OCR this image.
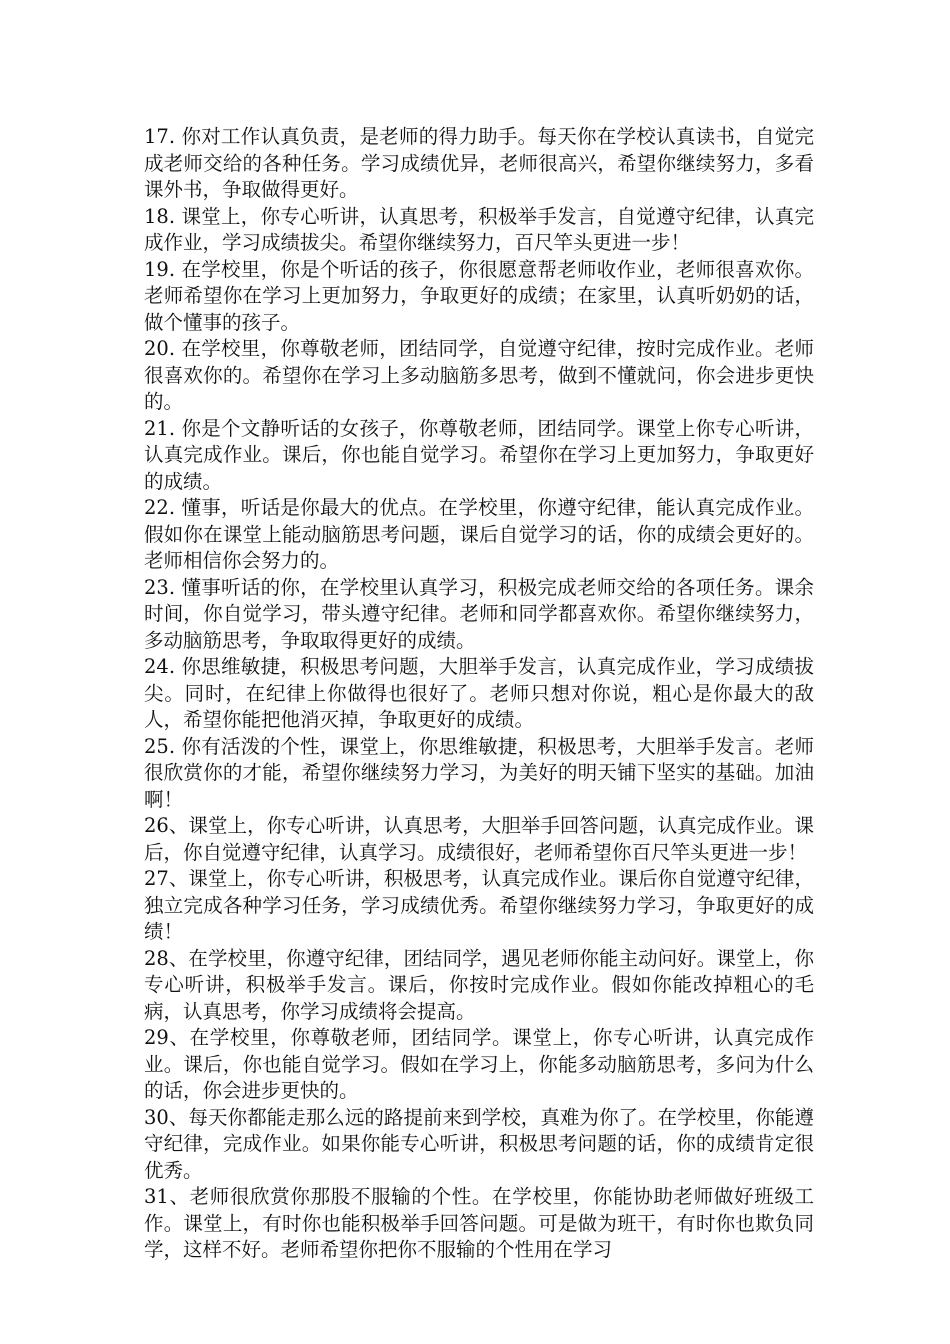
17. 你对工作认真负责，是老师的得力助手。每天你在学校认真读书，自觉完成老师交给的各种任务。学习成绩优异，老师很高兴，希望你继续努力，多看课外书，争取做得更好。

18. 课堂上，你专心听讲，认真思考，积极举手发言，自觉遵守纪律，认真完成作业，学习成绩拔尖。希望你继续努力，百尺竿头更进一步！

19. 在学校里，你是个听话的孩子，你很愿意帮老师收作业，老师很喜欢你。老师希望你在学习上更加努力，争取更好的成绩；在家里，认真听奶奶的话，做个懂事的孩子。

20. 在学校里，你尊敬老师，团结同学，自觉遵守纪律，按时完成作业。老师很喜欢你的。希望你在学习上多动脑筋多思考，做到不懂就问，你会进步更快的。

21. 你是个文静听话的女孩子，你尊敬老师，团结同学。课堂上你专心听讲，认真完成作业。课后，你也能自觉学习。希望你在学习上更加努力，争取更好的成绩。

22. 懂事，听话是你最大的优点。在学校里，你遵守纪律，能认真完成作业。假如你在课堂上能动脑筋思考问题，课后自觉学习的话，你的成绩会更好的。老师相信你会努力的。

23. 懂事听话的你，在学校里认真学习，积极完成老师交给的各项任务。课余时间，你自觉学习，带头遵守纪律。老师和同学都喜欢你。希望你继续努力，多动脑筋思考，争取取得更好的成绩。

24. 你思维敏捷，积极思考问题，大胆举手发言，认真完成作业，学习成绩拔尖。同时，在纪律上你做得也很好了。老师只想对你说，粗心是你最大的敌人，希望你能把他消灭掉，争取更好的成绩。

25. 你有活泼的个性，课堂上，你思维敏捷，积极思考，大胆举手发言。老师很欣赏你的才能，希望你继续努力学习，为美好的明天铺下坚实的基础。加油啊！

26、课堂上，你专心听讲，认真思考，大胆举手回答问题，认真完成作业。课后，你自觉遵守纪律，认真学习。成绩很好，老师希望你百尺竿头更进一步！

27、课堂上，你专心听讲，积极思考，认真完成作业。课后你自觉遵守纪律，独立完成各种学习任务，学习成绩优秀。希望你继续努力学习，争取更好的成绩！

28、在学校里，你遵守纪律，团结同学，遇见老师你能主动问好。课堂上，你专心听讲，积极举手发言。课后，你按时完成作业。假如你能改掉粗心的毛病，认真思考，你学习成绩将会提高。

29、在学校里，你尊敬老师，团结同学。课堂上，你专心听讲，认真完成作业。课后，你也能自觉学习。假如在学习上，你能多动脑筋思考，多问为什么的话，你会进步更快的。

30、每天你都能走那么远的路提前来到学校，真难为你了。在学校里，你能遵守纪律，完成作业。如果你能专心听讲，积极思考问题的话，你的成绩肯定很优秀。

31、老师很欣赏你那股不服输的个性。在学校里，你能协助老师做好班级工作。课堂上，有时你也能积极举手回答问题。可是做为班干，有时你也欺负同学，这样不好。老师希望你把你不服输的个性用在学习
